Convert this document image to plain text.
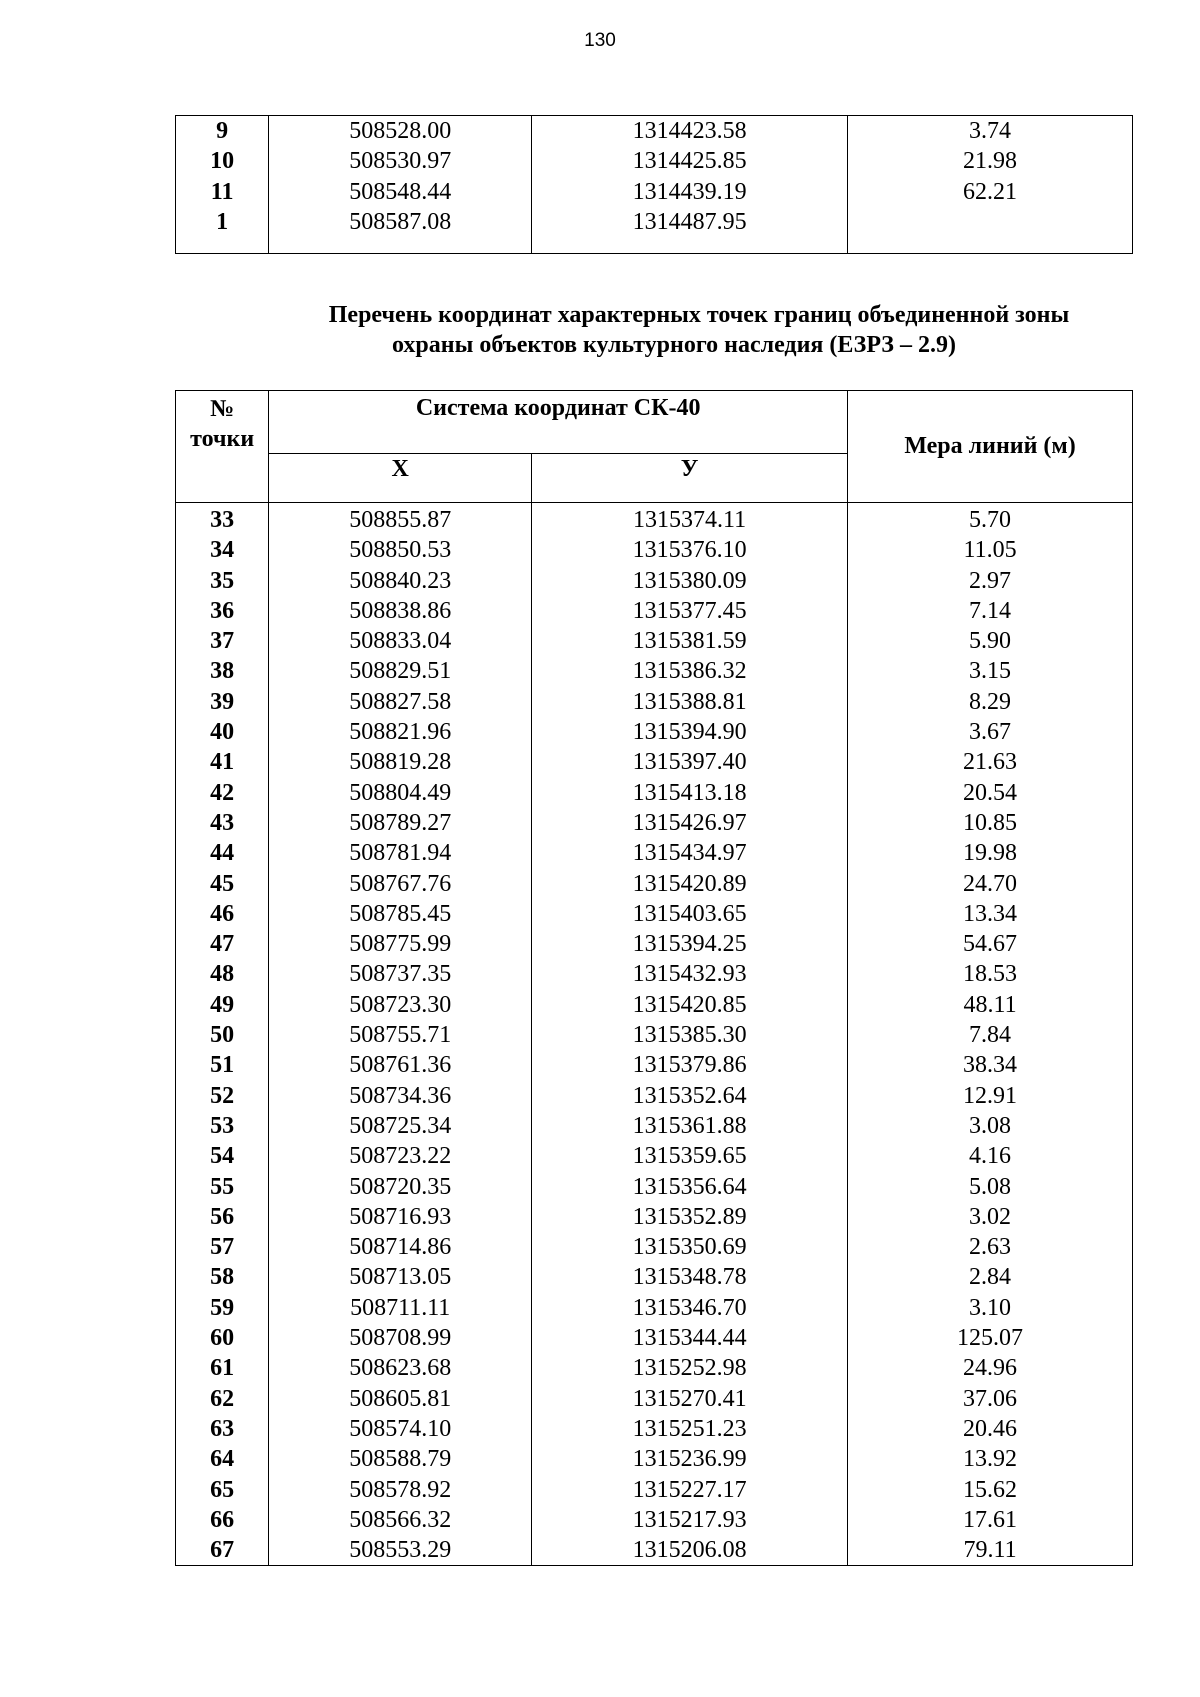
130
9	508528.00	1314423.58	3.74
10	508530.97	1314425.85	21.98
11	508548.44	1314439.19	62.21
1	508587.08	1314487.95	

Перечень координат характерных точек границ объединенной зоны
охраны объектов культурного наследия (ЕЗРЗ – 2.9)
№
точки	Система координат СК-40		Мера линий (м)
	Х	У	
33	508855.87	1315374.11	5.70
34	508850.53	1315376.10	11.05
35	508840.23	1315380.09	2.97
36	508838.86	1315377.45	7.14
37	508833.04	1315381.59	5.90
38	508829.51	1315386.32	3.15
39	508827.58	1315388.81	8.29
40	508821.96	1315394.90	3.67
41	508819.28	1315397.40	21.63
42	508804.49	1315413.18	20.54
43	508789.27	1315426.97	10.85
44	508781.94	1315434.97	19.98
45	508767.76	1315420.89	24.70
46	508785.45	1315403.65	13.34
47	508775.99	1315394.25	54.67
48	508737.35	1315432.93	18.53
49	508723.30	1315420.85	48.11
50	508755.71	1315385.30	7.84
51	508761.36	1315379.86	38.34
52	508734.36	1315352.64	12.91
53	508725.34	1315361.88	3.08
54	508723.22	1315359.65	4.16
55	508720.35	1315356.64	5.08
56	508716.93	1315352.89	3.02
57	508714.86	1315350.69	2.63
58	508713.05	1315348.78	2.84
59	508711.11	1315346.70	3.10
60	508708.99	1315344.44	125.07
61	508623.68	1315252.98	24.96
62	508605.81	1315270.41	37.06
63	508574.10	1315251.23	20.46
64	508588.79	1315236.99	13.92
65	508578.92	1315227.17	15.62
66	508566.32	1315217.93	17.61
67	508553.29	1315206.08	79.11
